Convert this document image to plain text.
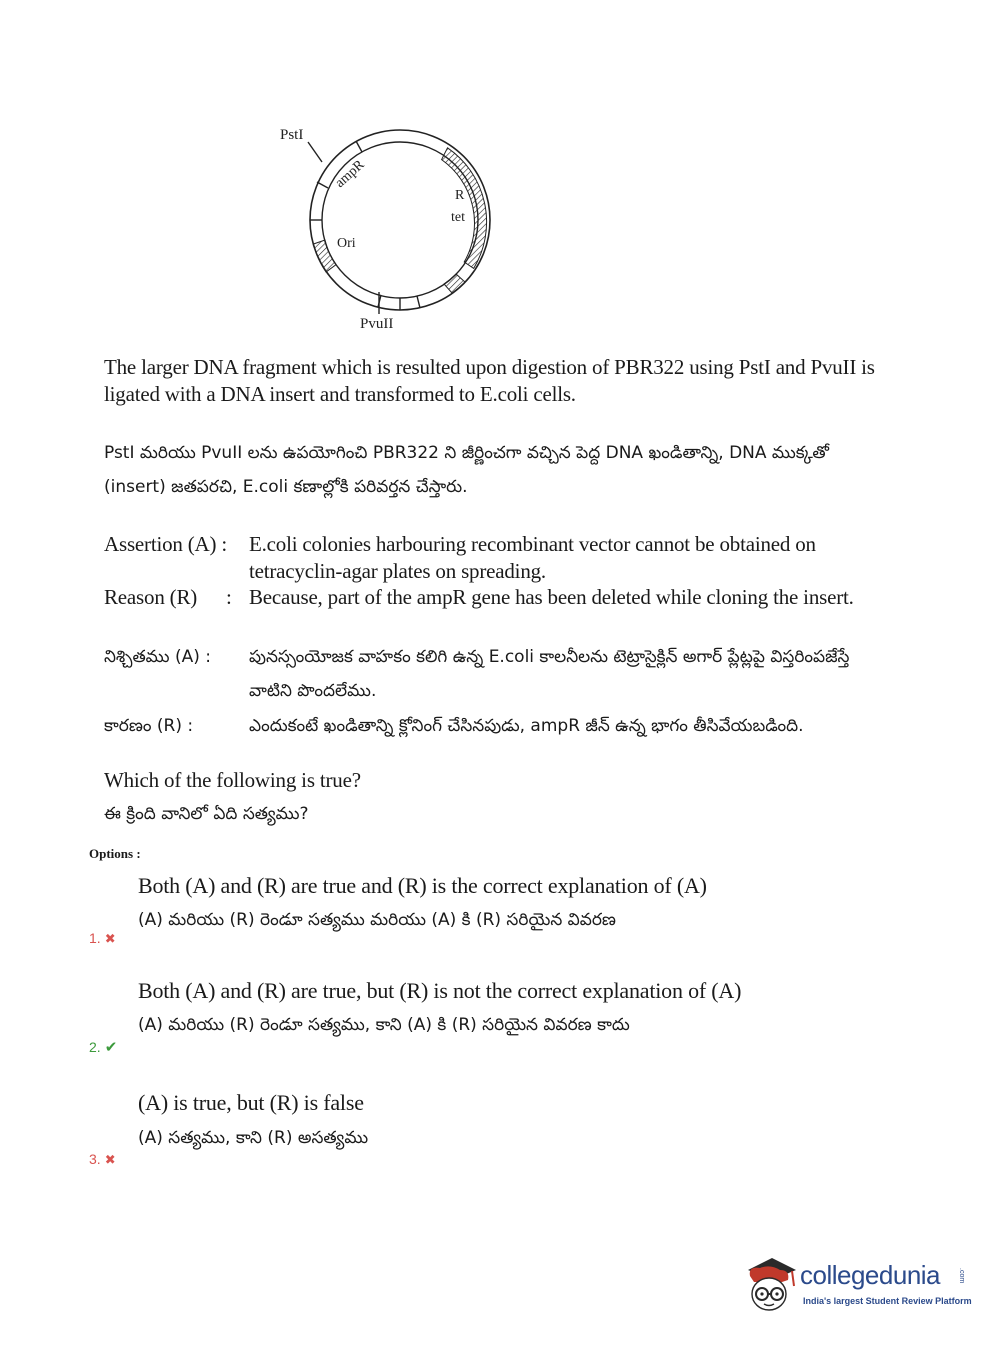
PstI
ampR
R
tet
Ori
PvuII
The larger DNA fragment which is resulted upon digestion of PBR322 using PstI and PvuII is ligated with a DNA insert and transformed to E.coli cells.
PstI మరియు PvuII లను ఉపయోగించి PBR322 ని జీర్ణించగా వచ్చిన పెద్ద DNA ఖండితాన్ని, DNA ముక్కతో (insert) జతపరచి, E.coli కణాల్లోకి పరివర్తన చేస్తారు.
Assertion (A) : E.coli colonies harbouring recombinant vector cannot be obtained on tetracyclin-agar plates on spreading.
Reason (R) : Because, part of the ampR gene has been deleted while cloning the insert.
నిశ్చితము (A) : పునస్సంయోజక వాహకం కలిగి ఉన్న E.coli కాలనీలను టెట్రాసైక్లిన్ అగార్ ప్లేట్లపై విస్తరింపజేస్తే వాటిని పొందలేము.
కారణం (R) :	ఎందుకంటే ఖండితాన్ని క్లోనింగ్ చేసినపుడు, ampR జీన్ ఉన్న భాగం తీసివేయబడింది.
Which of the following is true?
ఈ క్రింది వానిలో ఏది సత్యము?
Options :
Both (A) and (R) are true and (R) is the correct explanation of (A)
(A) మరియు (R) రెండూ సత్యము మరియు (A) కి (R) సరియైన వివరణ
1. ✖
Both (A) and (R) are true, but (R) is not the correct explanation of (A)
(A) మరియు (R) రెండూ సత్యము, కాని (A) కి (R) సరియైన వివరణ కాదు
2. ✔
(A) is true, but (R) is false
(A) సత్యము, కాని (R) అసత్యము
3. ✖
collegedunia	.com
India's largest Student Review Platform
